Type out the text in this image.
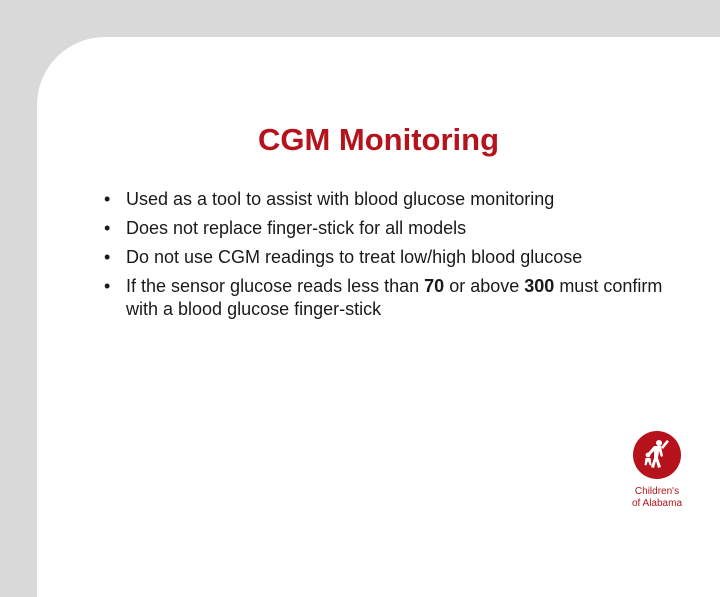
CGM Monitoring
• Used as a tool to assist with blood glucose monitoring
• Does not replace finger-stick for all models
• Do not use CGM readings to treat low/high blood glucose
• If the sensor glucose reads less than 70 or above 300 must confirm with a blood glucose finger-stick
Children's
of Alabama
